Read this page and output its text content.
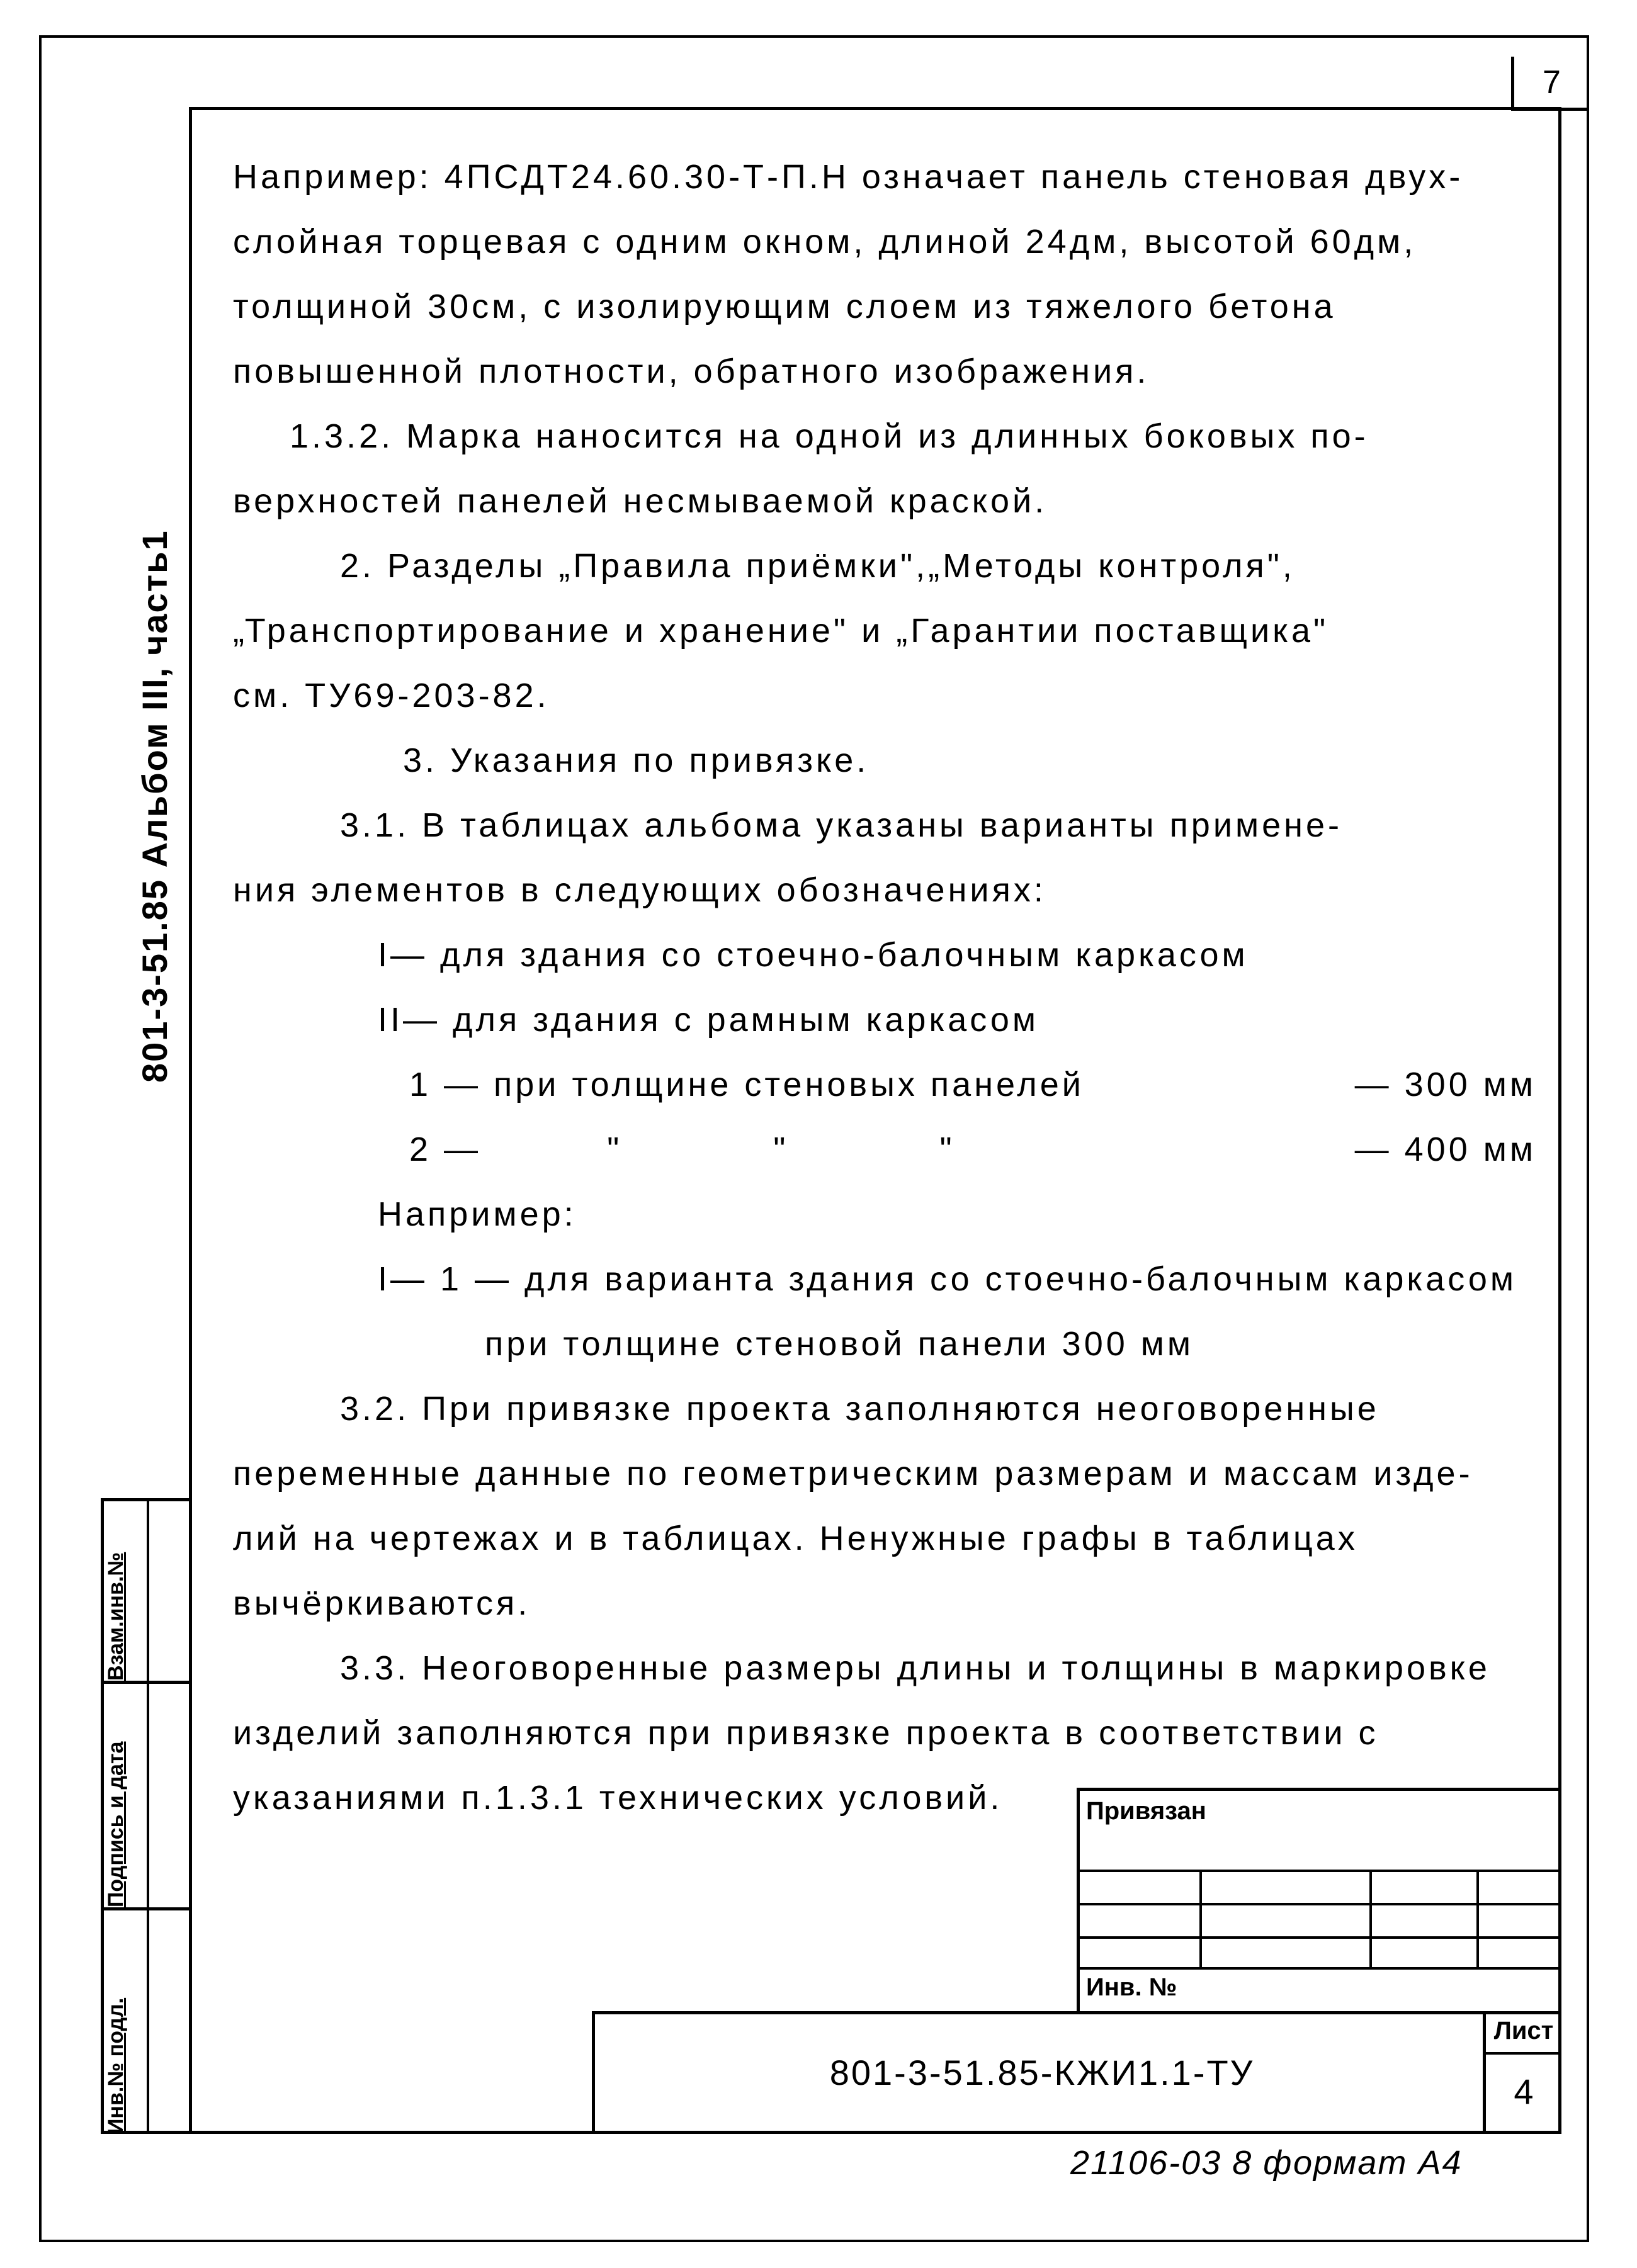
7
801-3-51.85 Альбом III, часть1
Инв.№ подл.
Подпись и дата
Взам.инв.№
Например: 4ПСДТ24.60.30-Т-П.Н означает панель стеновая двух-
слойная торцевая с одним окном, длиной 24дм, высотой 60дм,
толщиной 30см, с изолирующим слоем из тяжелого бетона
повышенной плотности, обратного изображения.
1.3.2. Марка наносится на одной из длинных боковых по-
верхностей панелей несмываемой краской.
2. Разделы „Правила приёмки",„Методы контроля",
„Транспортирование и хранение" и „Гарантии поставщика"
см. ТУ69-203-82.
3. Указания по привязке.
3.1. В таблицах альбома указаны варианты примене-
ния элементов в следующих обозначениях:
I— для здания со стоечно-балочным каркасом
II— для здания с рамным каркасом
1 — при толщине стеновых панелей	— 300 мм
2 —          "            "            "	— 400 мм
Например:
I— 1 — для варианта здания со стоечно-балочным каркасом
при толщине стеновой панели 300 мм
3.2. При привязке проекта заполняются неоговоренные
переменные данные по геометрическим размерам и массам изде-
лий на чертежах и в таблицах. Ненужные графы в таблицах
вычёркиваются.
3.3. Неоговоренные размеры длины и толщины в маркировке
изделий заполняются при привязке проекта в соответствии с
указаниями п.1.3.1 технических условий.	Привязан
Инв. №
801-3-51.85-КЖИ1.1-ТУ
Лист
4
21106-03 8 формат А4
